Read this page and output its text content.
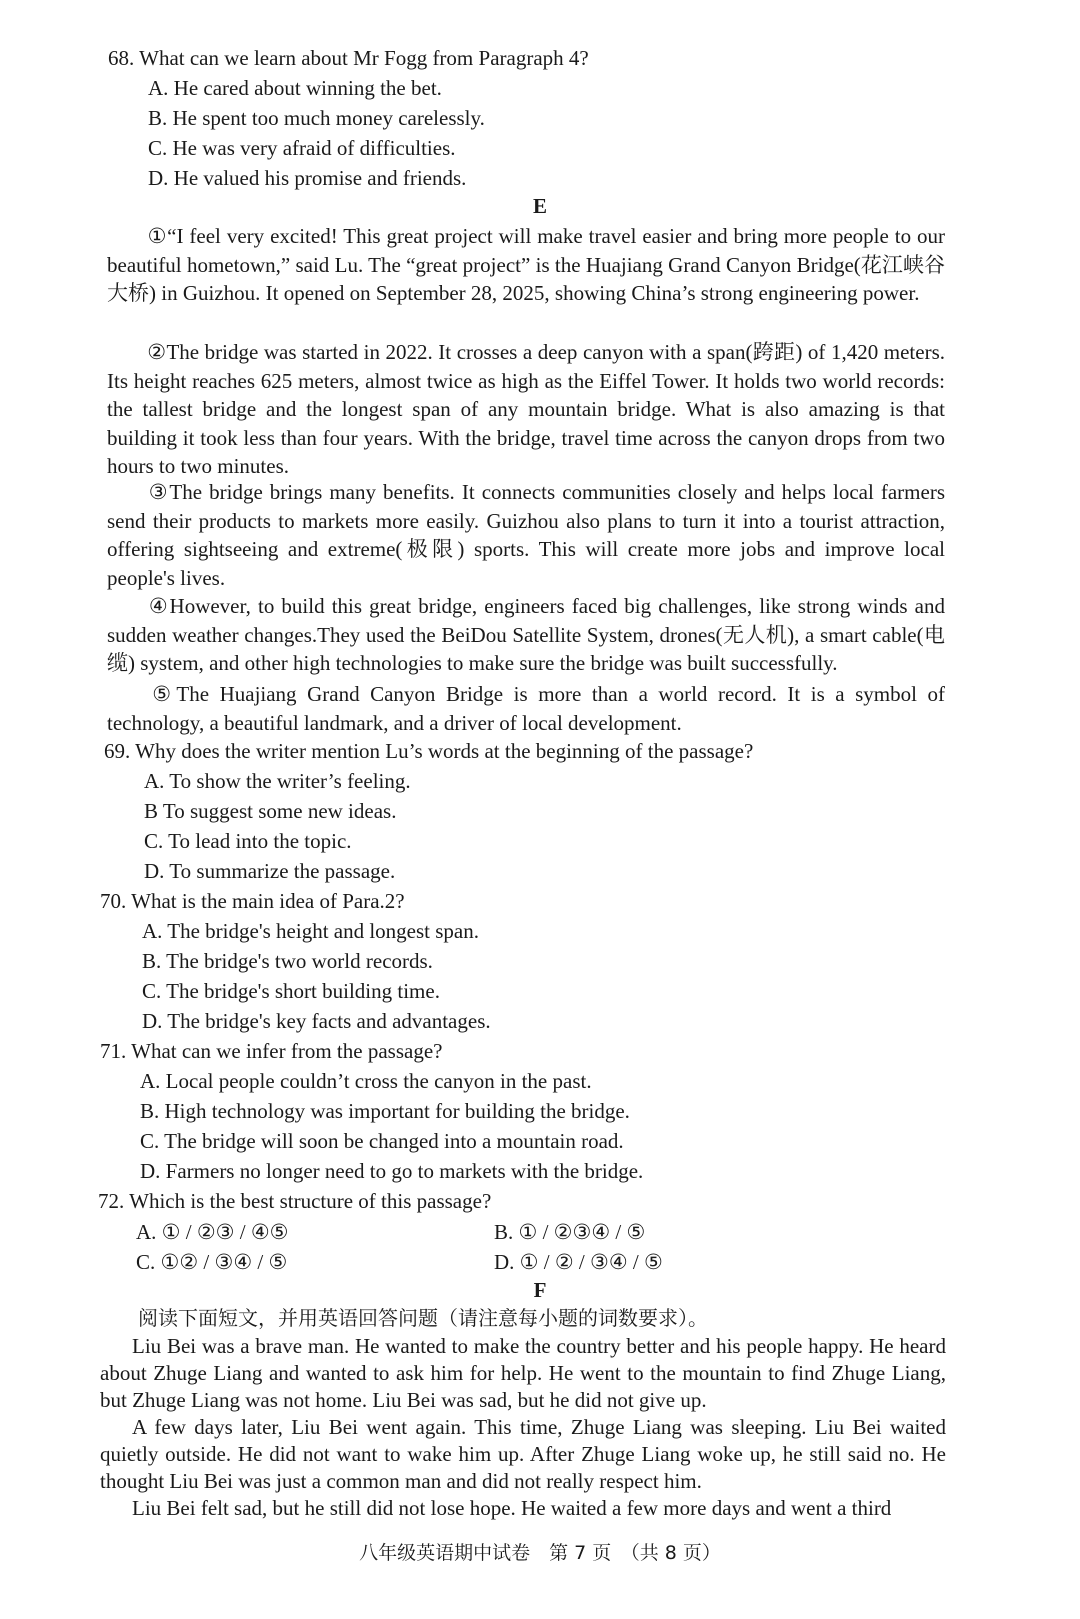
68. What can we learn about Mr Fogg from Paragraph 4?
A. He cared about winning the bet.
B. He spent too much money carelessly.
C. He was very afraid of difficulties.
D. He valued his promise and friends.
E
①“I feel very excited! This great project will make travel easier and bring more people to our beautiful hometown,” said Lu. The “great project” is the Huajiang Grand Canyon Bridge(花江峡谷大桥) in Guizhou. It opened on September 28, 2025, showing China’s strong engineering power.
②The bridge was started in 2022. It crosses a deep canyon with a span(跨距) of 1,420 meters. Its height reaches 625 meters, almost twice as high as the Eiffel Tower. It holds two world records: the tallest bridge and the longest span of any mountain bridge. What is also amazing is that building it took less than four years. With the bridge, travel time across the canyon drops from two hours to two minutes.
③The bridge brings many benefits. It connects communities closely and helps local farmers send their products to markets more easily. Guizhou also plans to turn it into a tourist attraction, offering sightseeing and extreme(极限) sports. This will create more jobs and improve local people's lives.
④However, to build this great bridge, engineers faced big challenges, like strong winds and sudden weather changes.They used the BeiDou Satellite System, drones(无人机), a smart cable(电缆) system, and other high technologies to make sure the bridge was built successfully.
⑤The Huajiang Grand Canyon Bridge is more than a world record. It is a symbol of technology, a beautiful landmark, and a driver of local development.
69. Why does the writer mention Lu’s words at the beginning of the passage?
A. To show the writer’s feeling.
B To suggest some new ideas.
C. To lead into the topic.
D. To summarize the passage.
70. What is the main idea of Para.2?
A. The bridge's height and longest span.
B. The bridge's two world records.
C. The bridge's short building time.
D. The bridge's key facts and advantages.
71. What can we infer from the passage?
A. Local people couldn’t cross the canyon in the past.
B. High technology was important for building the bridge.
C. The bridge will soon be changed into a mountain road.
D. Farmers no longer need to go to markets with the bridge.
72. Which is the best structure of this passage?
A. ① / ②③ / ④⑤	B. ① / ②③④ / ⑤
C. ①② / ③④ / ⑤	D. ① / ② / ③④ / ⑤
F
阅读下面短文，并用英语回答问题（请注意每小题的词数要求）。
Liu Bei was a brave man. He wanted to make the country better and his people happy. He heard about Zhuge Liang and wanted to ask him for help. He went to the mountain to find Zhuge Liang, but Zhuge Liang was not home. Liu Bei was sad, but he did not give up.
A few days later, Liu Bei went again. This time, Zhuge Liang was sleeping. Liu Bei waited quietly outside. He did not want to wake him up. After Zhuge Liang woke up, he still said no. He thought Liu Bei was just a common man and did not really respect him.
Liu Bei felt sad, but he still did not lose hope. He waited a few more days and went a third
八年级英语期中试卷　第 7 页　（共 8 页）
